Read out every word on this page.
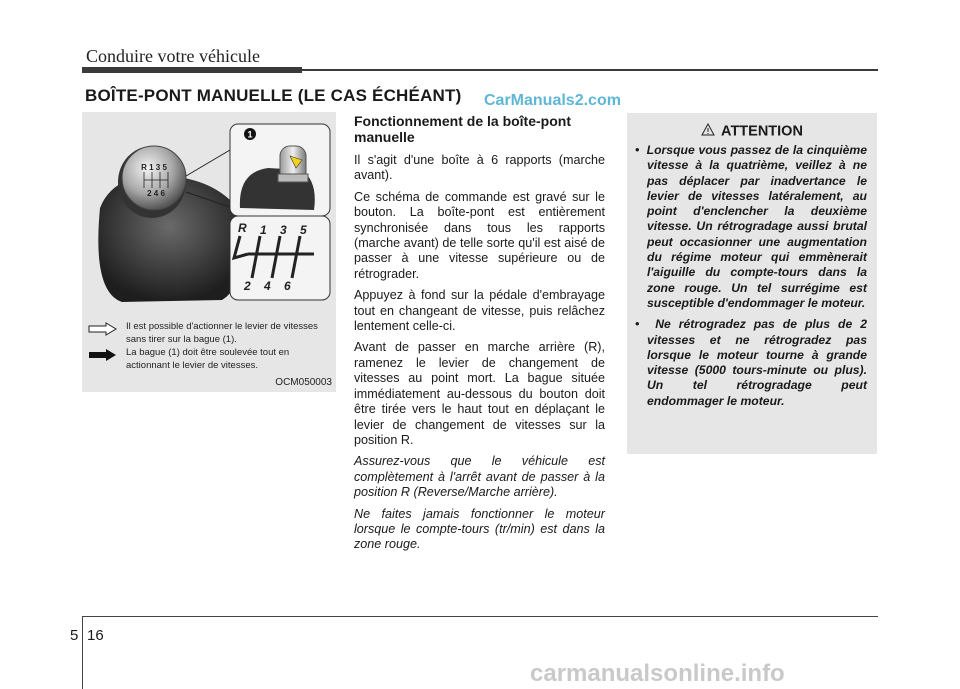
Conduire votre véhicule
BOÎTE-PONT MANUELLE (LE CAS ÉCHÉANT) CarManuals2.com
R 1 3 5
2 4 6
1
R 1 3 5
2 4 6
Il est possible d'actionner le levier de vitesses sans tirer sur la bague (1).
La bague (1) doit être soulevée tout en actionnant le levier de vitesses.
OCM050003
Fonctionnement de la boîte-pont manuelle

Il s'agit d'une boîte à 6 rapports (marche avant).

Ce schéma de commande est gravé sur le bouton. La boîte-pont est entièrement synchronisée dans tous les rapports (marche avant) de telle sorte qu'il est aisé de passer à une vitesse supérieure ou de rétrograder.

Appuyez à fond sur la pédale d'embrayage tout en changeant de vitesse, puis relâchez lentement celle-ci.

Avant de passer en marche arrière (R), ramenez le levier de changement de vitesses au point mort. La bague située immédiatement au-dessous du bouton doit être tirée vers le haut tout en déplaçant le levier de changement de vitesses sur la position R.

Assurez-vous que le véhicule est complètement à l'arrêt avant de passer à la position R (Reverse/Marche arrière).

Ne faites jamais fonctionner le moteur lorsque le compte-tours (tr/min) est dans la zone rouge.

ATTENTION
•  Lorsque vous passez de la cinquième vitesse à la quatrième, veillez à ne pas déplacer par inadvertance le levier de vitesses latéralement, au point d'enclencher la deuxième vitesse. Un rétrogradage aussi brutal peut occasionner une augmentation du régime moteur qui emmènerait l'aiguille du compte-tours dans la zone rouge. Un tel surrégime est susceptible d'endommager le moteur.
•  Ne rétrogradez pas de plus de 2 vitesses et ne rétrogradez pas lorsque le moteur tourne à grande vitesse (5000 tours-minute ou plus). Un tel rétrogradage peut endommager le moteur.
5 16
carmanualsonline.info
